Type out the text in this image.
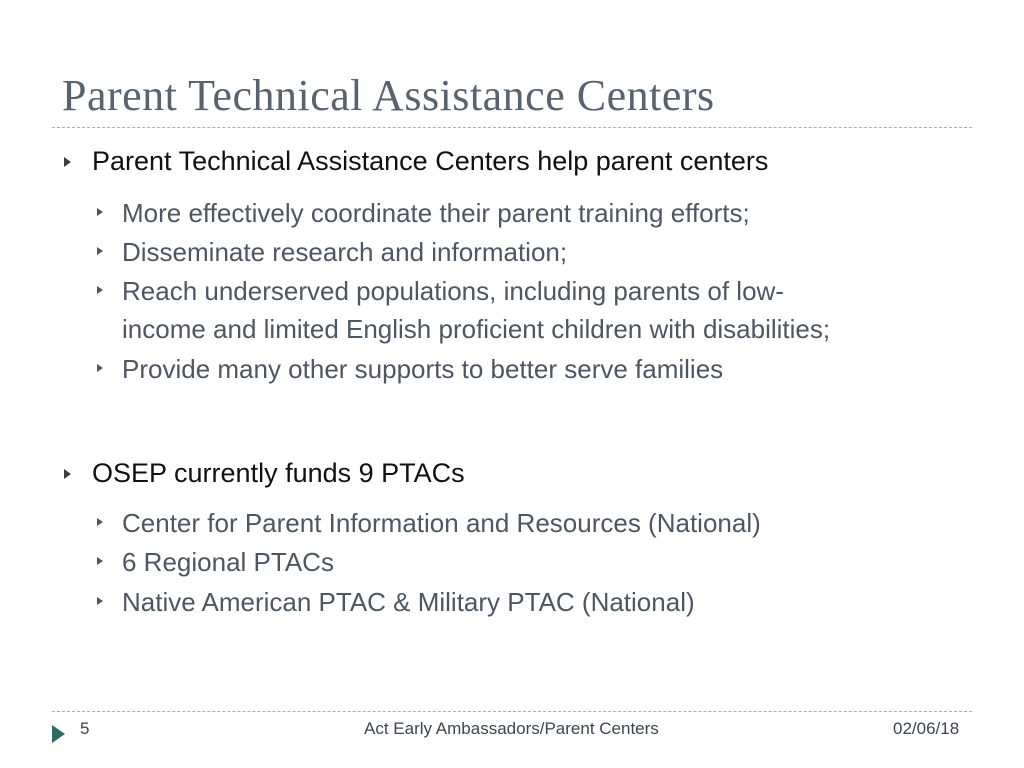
Parent Technical Assistance Centers
Parent Technical Assistance Centers help parent centers
More effectively coordinate their parent training efforts;
Disseminate research and information;
Reach underserved populations, including parents of low-
income and limited English proficient children with disabilities;
Provide many other supports to better serve families
OSEP currently funds 9 PTACs
Center for Parent Information and Resources (National)
6 Regional PTACs
Native American PTAC & Military PTAC (National)
5	Act Early Ambassadors/Parent Centers	02/06/18
